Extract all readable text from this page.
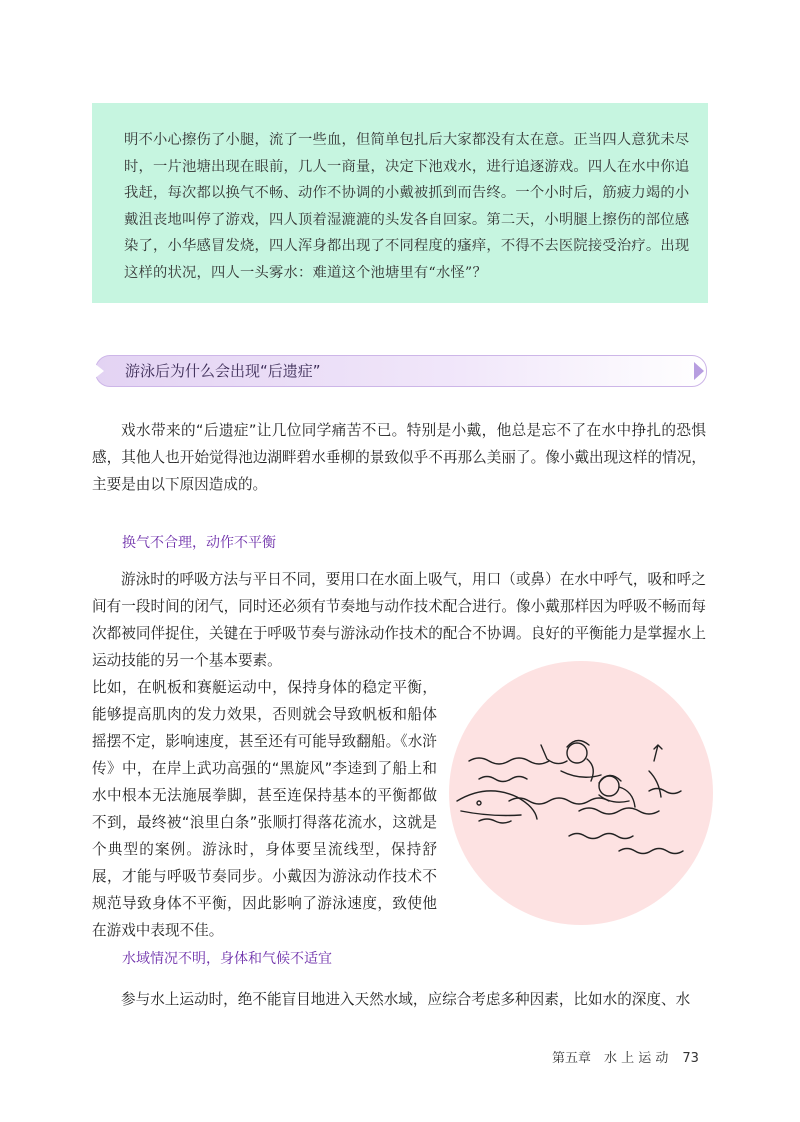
明不小心擦伤了小腿，流了一些血，但简单包扎后大家都没有太在意。正当四人意犹未尽时，一片池塘出现在眼前，几人一商量，决定下池戏水，进行追逐游戏。四人在水中你追我赶，每次都以换气不畅、动作不协调的小戴被抓到而告终。一个小时后，筋疲力竭的小戴沮丧地叫停了游戏，四人顶着湿漉漉的头发各自回家。第二天，小明腿上擦伤的部位感染了，小华感冒发烧，四人浑身都出现了不同程度的瘙痒，不得不去医院接受治疗。出现这样的状况，四人一头雾水：难道这个池塘里有“水怪”？

游泳后为什么会出现“后遗症”

戏水带来的“后遗症”让几位同学痛苦不已。特别是小戴，他总是忘不了在水中挣扎的恐惧感，其他人也开始觉得池边湖畔碧水垂柳的景致似乎不再那么美丽了。像小戴出现这样的情况，主要是由以下原因造成的。

换气不合理，动作不平衡

游泳时的呼吸方法与平日不同，要用口在水面上吸气，用口（或鼻）在水中呼气，吸和呼之间有一段时间的闭气，同时还必须有节奏地与动作技术配合进行。像小戴那样因为呼吸不畅而每次都被同伴捉住，关键在于呼吸节奏与游泳动作技术的配合不协调。良好的平衡能力是掌握水上运动技能的另一个基本要素。

比如，在帆板和赛艇运动中，保持身体的稳定平衡，能够提高肌肉的发力效果，否则就会导致帆板和船体摇摆不定，影响速度，甚至还有可能导致翻船。《水浒传》中，在岸上武功高强的“黑旋风”李逵到了船上和水中根本无法施展拳脚，甚至连保持基本的平衡都做不到，最终被“浪里白条”张顺打得落花流水，这就是个典型的案例。游泳时，身体要呈流线型，保持舒展，才能与呼吸节奏同步。小戴因为游泳动作技术不规范导致身体不平衡，因此影响了游泳速度，致使他在游戏中表现不佳。

水域情况不明，身体和气候不适宜

参与水上运动时，绝不能盲目地进入天然水域，应综合考虑多种因素，比如水的深度、水

第五章　水 上 运 动 73
